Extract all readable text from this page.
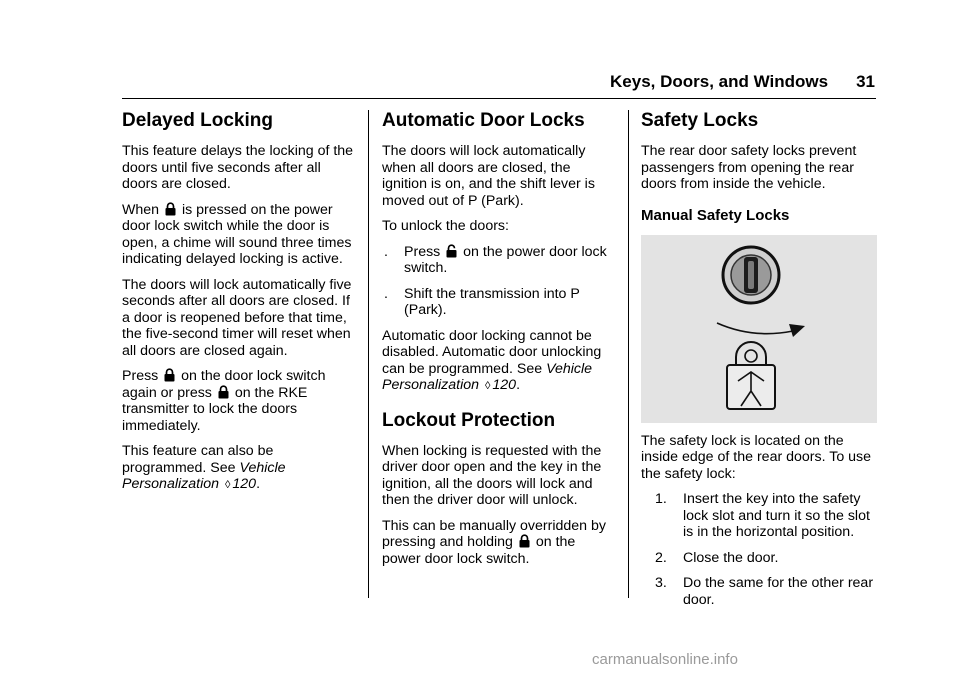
Keys, Doors, and Windows 31
Delayed Locking

This feature delays the locking of the doors until five seconds after all doors are closed.

When is pressed on the power door lock switch while the door is open, a chime will sound three times indicating delayed locking is active.

The doors will lock automatically five seconds after all doors are closed. If a door is reopened before that time, the five-second timer will reset when all doors are closed again.

Press on the door lock switch again or press on the RKE transmitter to lock the doors immediately.

This feature can also be programmed. See Vehicle Personalization ◊ 120.

Automatic Door Locks

The doors will lock automatically when all doors are closed, the ignition is on, and the shift lever is moved out of P (Park).

To unlock the doors:

. Press on the power door lock switch.
. Shift the transmission into P (Park).

Automatic door locking cannot be disabled. Automatic door unlocking can be programmed. See Vehicle Personalization ◊ 120.

Lockout Protection

When locking is requested with the driver door open and the key in the ignition, all the doors will lock and then the driver door will unlock.

This can be manually overridden by pressing and holding on the power door lock switch.

Safety Locks

The rear door safety locks prevent passengers from opening the rear doors from inside the vehicle.

Manual Safety Locks

The safety lock is located on the inside edge of the rear doors. To use the safety lock:

1. Insert the key into the safety lock slot and turn it so the slot is in the horizontal position.
2. Close the door.
3. Do the same for the other rear door.
carmanualsonline.info
